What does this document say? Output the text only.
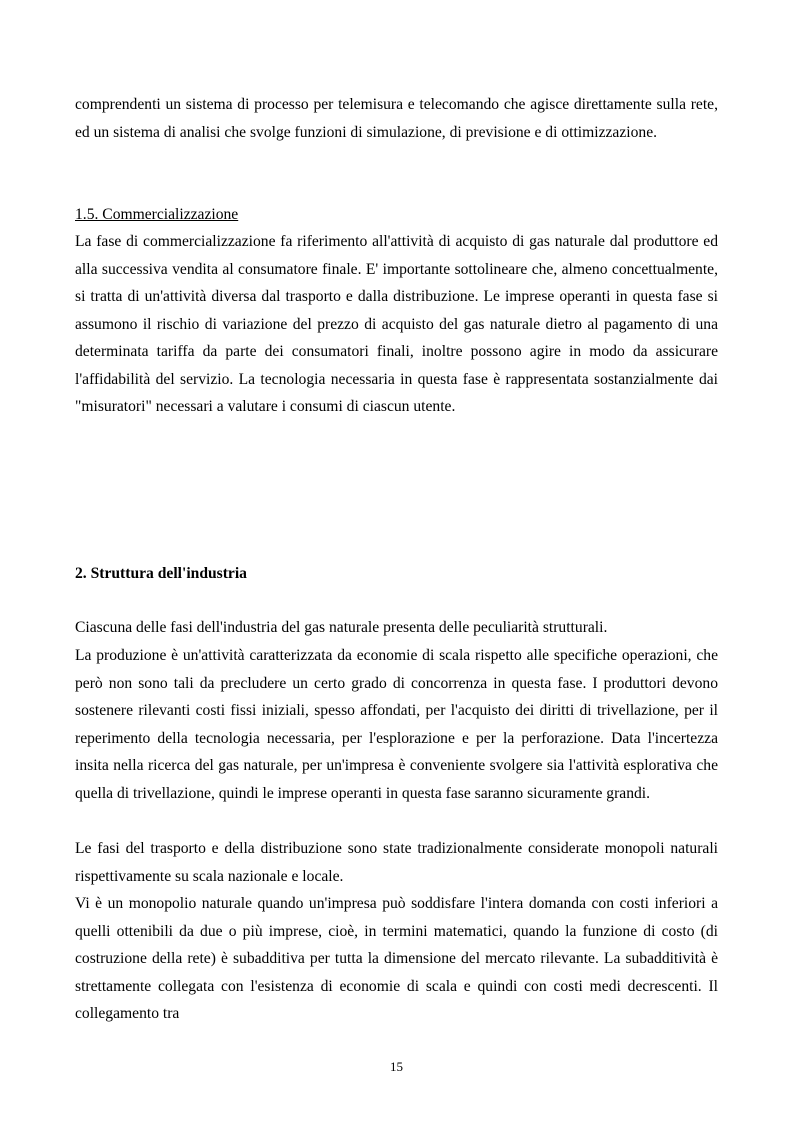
comprendenti un sistema di processo per telemisura e telecomando che agisce direttamente sulla rete, ed un sistema di analisi che svolge funzioni di simulazione, di previsione e di ottimizzazione.

1.5. Commercializzazione

La fase di commercializzazione fa riferimento all'attività di acquisto di gas naturale dal produttore ed alla successiva vendita al consumatore finale. E' importante sottolineare che, almeno concettualmente, si tratta di un'attività diversa dal trasporto e dalla distribuzione. Le imprese operanti in questa fase si assumono il rischio di variazione del prezzo di acquisto del gas naturale dietro al pagamento di una determinata tariffa da parte dei consumatori finali, inoltre possono agire in modo da assicurare l'affidabilità del servizio. La tecnologia necessaria in questa fase è rappresentata sostanzialmente dai "misuratori" necessari a valutare i consumi di ciascun utente.

2. Struttura dell'industria

Ciascuna delle fasi dell'industria del gas naturale presenta delle peculiarità strutturali.

La produzione è un'attività caratterizzata da economie di scala rispetto alle specifiche operazioni, che però non sono tali da precludere un certo grado di concorrenza in questa fase. I produttori devono sostenere rilevanti costi fissi iniziali, spesso affondati, per l'acquisto dei diritti di trivellazione, per il reperimento della tecnologia necessaria, per l'esplorazione e per la perforazione. Data l'incertezza insita nella ricerca del gas naturale, per un'impresa è conveniente svolgere sia l'attività esplorativa che quella di trivellazione, quindi le imprese operanti in questa fase saranno sicuramente grandi.

Le fasi del trasporto e della distribuzione sono state tradizionalmente considerate monopoli naturali rispettivamente su scala nazionale e locale.

Vi è un monopolio naturale quando un'impresa può soddisfare l'intera domanda con costi inferiori a quelli ottenibili da due o più imprese, cioè, in termini matematici, quando la funzione di costo (di costruzione della rete) è subadditiva per tutta la dimensione del mercato rilevante. La subadditività è strettamente collegata con l'esistenza di economie di scala e quindi con costi medi decrescenti. Il collegamento tra

15
